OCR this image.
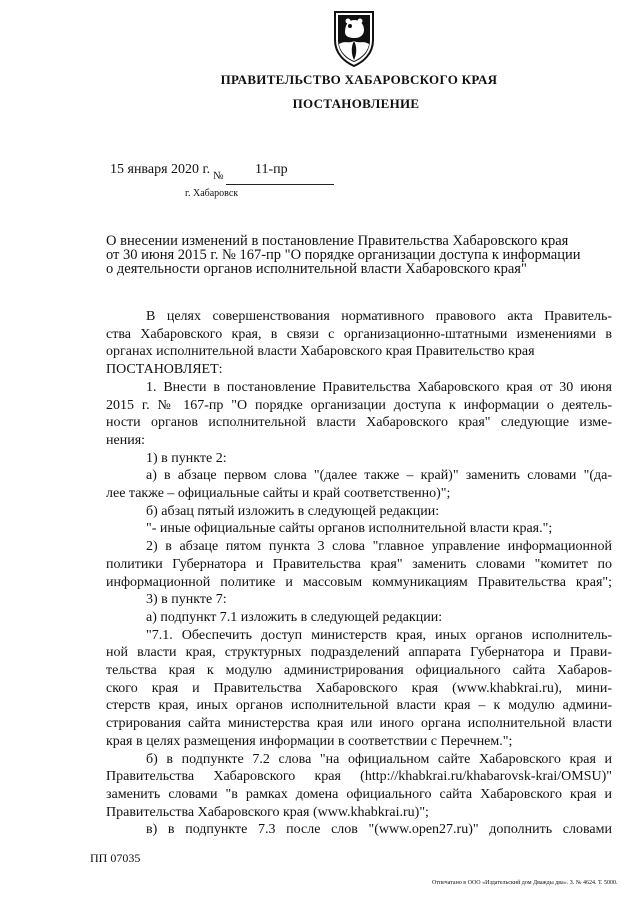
ПРАВИТЕЛЬСТВО ХАБАРОВСКОГО КРАЯ
ПОСТАНОВЛЕНИЕ
15 января 2020 г. № 11-пр
г. Хабаровск
О внесении изменений в постановление Правительства Хабаровского края
от 30 июня 2015 г. № 167-пр "О порядке организации доступа к информации
о деятельности органов исполнительной власти Хабаровского края"

В целях совершенствования нормативного правового акта Правитель-

ства Хабаровского края, в связи с организационно-штатными изменениями в

органах исполнительной власти Хабаровского края Правительство края

ПОСТАНОВЛЯЕТ:

1. Внести в постановление Правительства Хабаровского края от 30 июня

2015 г. № 167-пр "О порядке организации доступа к информации о деятель-

ности органов исполнительной власти Хабаровского края" следующие изме-

нения:

1) в пункте 2:

а) в абзаце первом слова "(далее также – край)" заменить словами "(да-

лее также – официальные сайты и край соответственно)";

б) абзац пятый изложить в следующей редакции:

"- иные официальные сайты органов исполнительной власти края.";

2) в абзаце пятом пункта 3 слова "главное управление информационной

политики Губернатора и Правительства края" заменить словами "комитет по

информационной политике и массовым коммуникациям Правительства края";

3) в пункте 7:

а) подпункт 7.1 изложить в следующей редакции:

"7.1. Обеспечить доступ министерств края, иных органов исполнитель-

ной власти края, структурных подразделений аппарата Губернатора и Прави-

тельства края к модулю администрирования официального сайта Хабаров-

ского края и Правительства Хабаровского края (www.khabkrai.ru), мини-

стерств края, иных органов исполнительной власти края – к модулю админи-

стрирования сайта министерства края или иного органа исполнительной власти

края в целях размещения информации в соответствии с Перечнем.";

б) в подпункте 7.2 слова "на официальном сайте Хабаровского края и

Правительства Хабаровского края (http://khabkrai.ru/khabarovsk-krai/OMSU)"

заменить словами "в рамках домена официального сайта Хабаровского края и

Правительства Хабаровского края (www.khabkrai.ru)";

в) в подпункте 7.3 после слов "(www.open27.ru)" дополнить словами

ПП 07035
Отпечатано в ООО «Издательский дом Дважды два». З. № 4624. Т. 5000.
